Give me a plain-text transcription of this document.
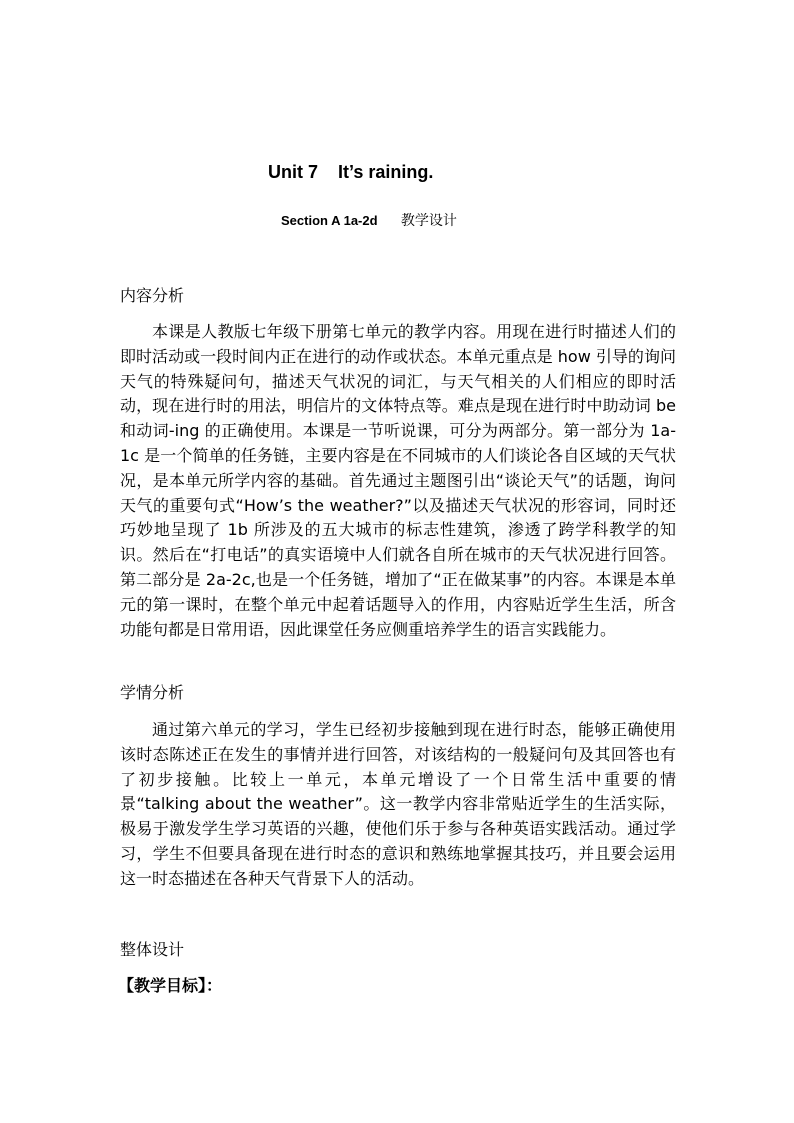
Unit 7    It’s raining.
Section A 1a-2d 教学设计
内容分析
本课是人教版七年级下册第七单元的教学内容。用现在进行时描述人们的即时活动或一段时间内正在进行的动作或状态。本单元重点是 how 引导的询问天气的特殊疑问句，描述天气状况的词汇，与天气相关的人们相应的即时活动，现在进行时的用法，明信片的文体特点等。难点是现在进行时中助动词 be 和动词-ing 的正确使用。本课是一节听说课，可分为两部分。第一部分为 1a-1c 是一个简单的任务链，主要内容是在不同城市的人们谈论各自区域的天气状况，是本单元所学内容的基础。首先通过主题图引出“谈论天气”的话题，询问天气的重要句式“How’s the weather?”以及描述天气状况的形容词，同时还巧妙地呈现了 1b 所涉及的五大城市的标志性建筑，渗透了跨学科教学的知识。然后在“打电话”的真实语境中人们就各自所在城市的天气状况进行回答。第二部分是 2a-2c,也是一个任务链，增加了“正在做某事”的内容。本课是本单元的第一课时，在整个单元中起着话题导入的作用，内容贴近学生生活，所含功能句都是日常用语，因此课堂任务应侧重培养学生的语言实践能力。
学情分析
通过第六单元的学习，学生已经初步接触到现在进行时态，能够正确使用该时态陈述正在发生的事情并进行回答，对该结构的一般疑问句及其回答也有了初步接触。比较上一单元，本单元增设了一个日常生活中重要的情景“talking about the weather”。这一教学内容非常贴近学生的生活实际，极易于激发学生学习英语的兴趣，使他们乐于参与各种英语实践活动。通过学习，学生不但要具备现在进行时态的意识和熟练地掌握其技巧，并且要会运用这一时态描述在各种天气背景下人的活动。
整体设计
【教学目标】：
